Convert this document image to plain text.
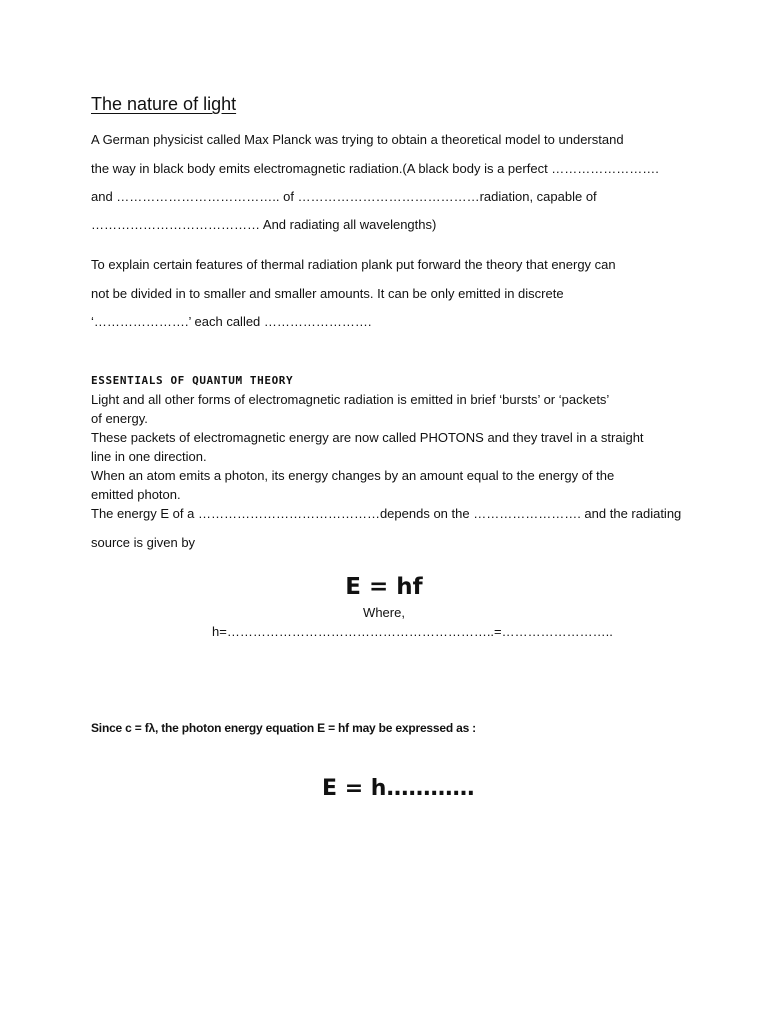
The nature of light
A German physicist called Max Planck was trying to obtain a theoretical model to understand
the way in black body emits electromagnetic radiation.(A black body is a perfect …………………….
and ……………………………….. of ……………………………………radiation, capable of
………………………………… And radiating all wavelengths)
To explain certain features of thermal radiation plank put forward the theory that energy can
not be divided in to smaller and smaller amounts. It can be only emitted in discrete
‘………………….’ each called …………………….
ESSENTIALS OF QUANTUM THEORY
Light and all other forms of electromagnetic radiation is emitted in brief ‘bursts’ or ‘packets’
of energy.
These packets of electromagnetic energy are now called PHOTONS and they travel in a straight
line in one direction.
When an atom emits a photon, its energy changes by an amount equal to the energy of the
emitted photon.
The energy E of a ……………………………………depends on the ……………………. and the radiating
source is given by
E = hf
Where,
h=……………………………………………………..=……………………..
Since c = fλ, the photon energy equation E = hf may be expressed as :
E = h…………
